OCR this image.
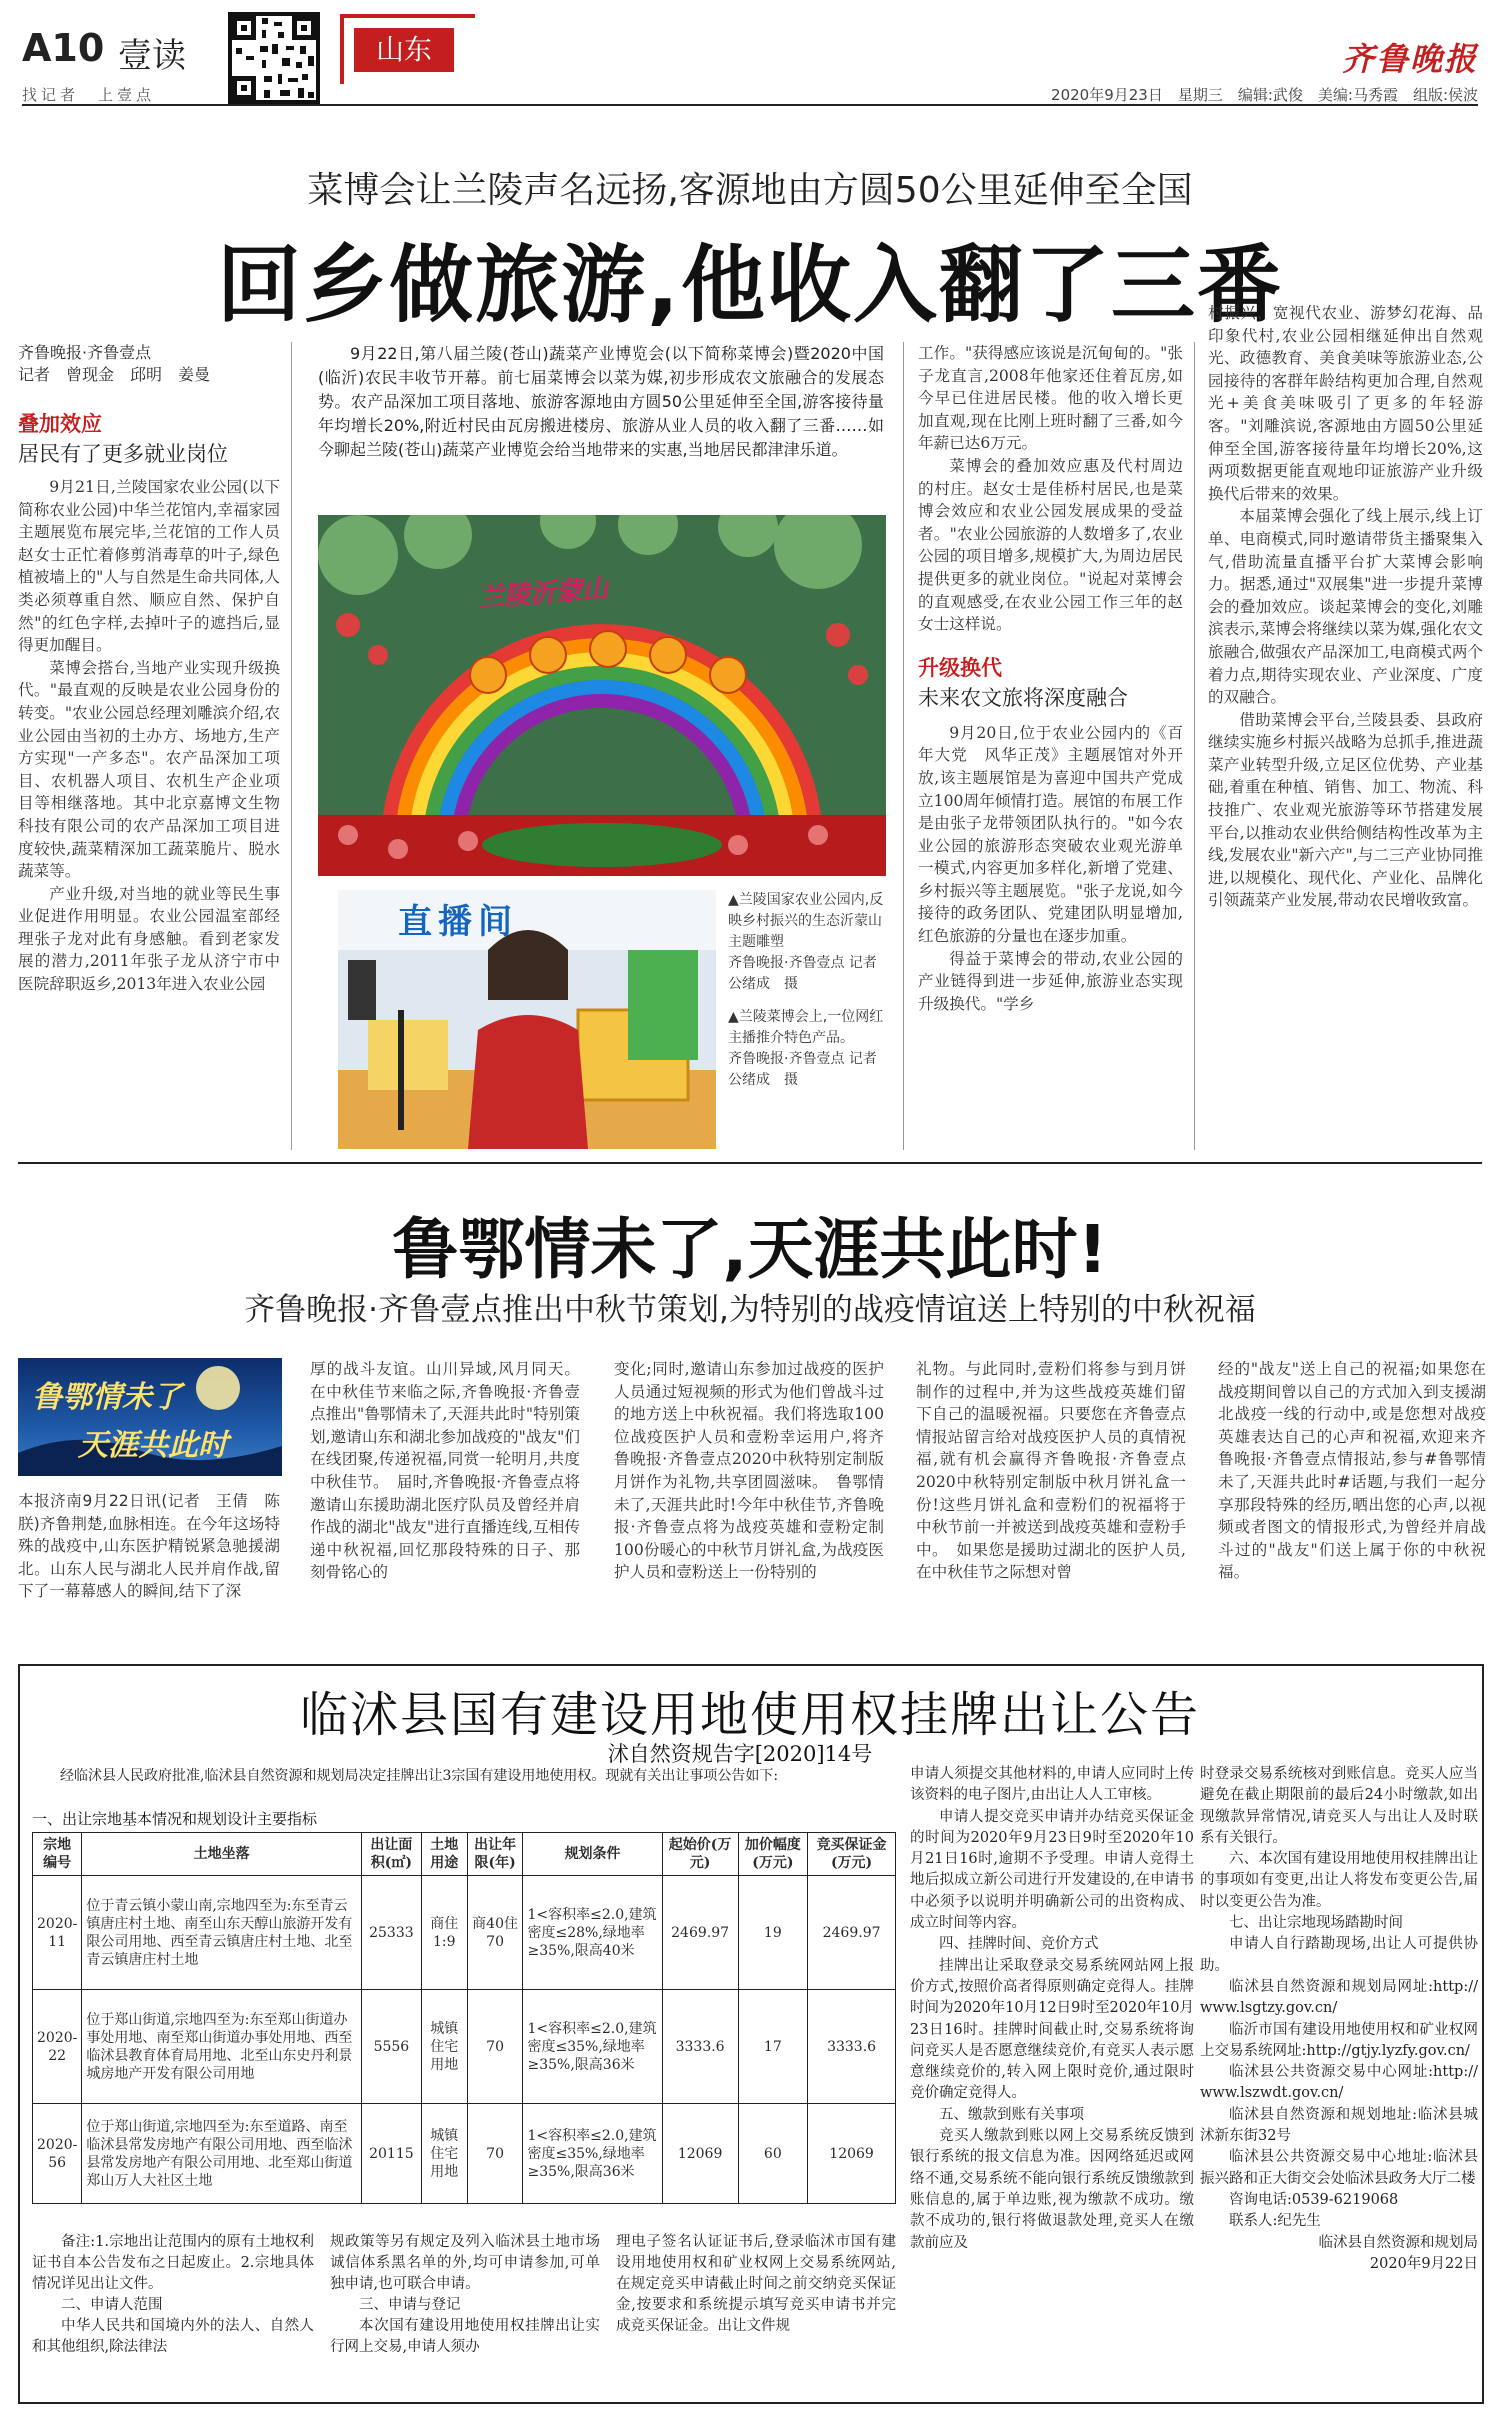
A10 壹读
找记者　上壹点
山东	齐鲁晚报
2020年9月23日　星期三　编辑:武俊　美编:马秀霞　组版:侯波
菜博会让兰陵声名远扬,客源地由方圆50公里延伸至全国
回乡做旅游,他收入翻了三番
齐鲁晚报·齐鲁壹点
记者　曾现金　邱明　姜曼
叠加效应
居民有了更多就业岗位

9月21日,兰陵国家农业公园(以下简称农业公园)中华兰花馆内,幸福家园主题展览布展完毕,兰花馆的工作人员赵女士正忙着修剪消毒草的叶子,绿色植被墙上的"人与自然是生命共同体,人类必须尊重自然、顺应自然、保护自然"的红色字样,去掉叶子的遮挡后,显得更加醒目。

菜博会搭台,当地产业实现升级换代。"最直观的反映是农业公园身份的转变。"农业公园总经理刘雕滨介绍,农业公园由当初的土办方、场地方,生产方实现"一产多态"。农产品深加工项目、农机器人项目、农机生产企业项目等相继落地。其中北京嘉博文生物科技有限公司的农产品深加工项目进度较快,蔬菜精深加工蔬菜脆片、脱水蔬菜等。

产业升级,对当地的就业等民生事业促进作用明显。农业公园温室部经理张子龙对此有身感触。看到老家发展的潜力,2011年张子龙从济宁市中医院辞职返乡,2013年进入农业公园

9月22日,第八届兰陵(苍山)蔬菜产业博览会(以下简称菜博会)暨2020中国(临沂)农民丰收节开幕。前七届菜博会以菜为媒,初步形成农文旅融合的发展态势。农产品深加工项目落地、旅游客源地由方圆50公里延伸至全国,游客接待量年均增长20%,附近村民由瓦房搬进楼房、旅游从业人员的收入翻了三番……如今聊起兰陵(苍山)蔬菜产业博览会给当地带来的实惠,当地居民都津津乐道。
兰陵沂蒙山
直播间
▲兰陵国家农业公园内,反映乡村振兴的生态沂蒙山主题雕塑
齐鲁晚报·齐鲁壹点 记者　公绪成　摄
▲兰陵菜博会上,一位网红主播推介特色产品。
齐鲁晚报·齐鲁壹点 记者　公绪成　摄

工作。"获得感应该说是沉甸甸的。"张子龙直言,2008年他家还住着瓦房,如今早已住进居民楼。他的收入增长更加直观,现在比刚上班时翻了三番,如今年薪已达6万元。

菜博会的叠加效应惠及代村周边的村庄。赵女士是佳桥村居民,也是菜博会效应和农业公园发展成果的受益者。"农业公园旅游的人数增多了,农业公园的项目增多,规模扩大,为周边居民提供更多的就业岗位。"说起对菜博会的直观感受,在农业公园工作三年的赵女士这样说。

升级换代
未来农文旅将深度融合

9月20日,位于农业公园内的《百年大党　风华正茂》主题展馆对外开放,该主题展馆是为喜迎中国共产党成立100周年倾情打造。展馆的布展工作是由张子龙带领团队执行的。"如今农业公园的旅游形态突破农业观光游单一模式,内容更加多样化,新增了党建、乡村振兴等主题展览。"张子龙说,如今接待的政务团队、党建团队明显增加,红色旅游的分量也在逐步加重。

得益于菜博会的带动,农业公园的产业链得到进一步延伸,旅游业态实现升级换代。"学乡

村振兴、宽视代农业、游梦幻花海、品印象代村,农业公园相继延伸出自然观光、政德教育、美食美味等旅游业态,公园接待的客群年龄结构更加合理,自然观光+美食美味吸引了更多的年轻游客。"刘雕滨说,客源地由方圆50公里延伸至全国,游客接待量年均增长20%,这两项数据更能直观地印证旅游产业升级换代后带来的效果。

本届菜博会强化了线上展示,线上订单、电商模式,同时邀请带货主播聚集入气,借助流量直播平台扩大菜博会影响力。据悉,通过"双展集"进一步提升菜博会的叠加效应。谈起菜博会的变化,刘雕滨表示,菜博会将继续以菜为媒,强化农文旅融合,做强农产品深加工,电商模式两个着力点,期待实现农业、产业深度、广度的双融合。

借助菜博会平台,兰陵县委、县政府继续实施乡村振兴战略为总抓手,推进蔬菜产业转型升级,立足区位优势、产业基础,着重在种植、销售、加工、物流、科技推广、农业观光旅游等环节搭建发展平台,以推动农业供给侧结构性改革为主线,发展农业"新六产",与二三产业协同推进,以规模化、现代化、产业化、品牌化引领蔬菜产业发展,带动农民增收致富。

鲁鄂情未了,天涯共此时!
齐鲁晚报·齐鲁壹点推出中秋节策划,为特别的战疫情谊送上特别的中秋祝福
鲁鄂情未了
天涯共此时
本报济南9月22日讯(记者　王倩　陈朕)齐鲁荆楚,血脉相连。在今年这场特殊的战疫中,山东医护精锐紧急驰援湖北。山东人民与湖北人民并肩作战,留下了一幕幕感人的瞬间,结下了深
厚的战斗友谊。山川异域,风月同天。在中秋佳节来临之际,齐鲁晚报·齐鲁壹点推出"鲁鄂情未了,天涯共此时"特别策划,邀请山东和湖北参加战疫的"战友"们在线团聚,传递祝福,同赏一轮明月,共度中秋佳节。　届时,齐鲁晚报·齐鲁壹点将邀请山东援助湖北医疗队员及曾经并肩作战的湖北"战友"进行直播连线,互相传递中秋祝福,回忆那段特殊的日子、那刻骨铭心的
变化;同时,邀请山东参加过战疫的医护人员通过短视频的形式为他们曾战斗过的地方送上中秋祝福。我们将选取100位战疫医护人员和壹粉幸运用户,将齐鲁晚报·齐鲁壹点2020中秋特别定制版月饼作为礼物,共享团圆滋味。　鲁鄂情未了,天涯共此时!今年中秋佳节,齐鲁晚报·齐鲁壹点将为战疫英雄和壹粉定制100份暖心的中秋节月饼礼盒,为战疫医护人员和壹粉送上一份特别的
礼物。与此同时,壹粉们将参与到月饼制作的过程中,并为这些战疫英雄们留下自己的温暖祝福。只要您在齐鲁壹点情报站留言给对战疫医护人员的真情祝福,就有机会赢得齐鲁晚报·齐鲁壹点2020中秋特别定制版中秋月饼礼盒一份!这些月饼礼盒和壹粉们的祝福将于中秋节前一并被送到战疫英雄和壹粉手中。　如果您是援助过湖北的医护人员,在中秋佳节之际想对曾
经的"战友"送上自己的祝福;如果您在战疫期间曾以自己的方式加入到支援湖北战疫一线的行动中,或是您想对战疫英雄表达自己的心声和祝福,欢迎来齐鲁晚报·齐鲁壹点情报站,参与#鲁鄂情未了,天涯共此时#话题,与我们一起分享那段特殊的经历,晒出您的心声,以视频或者图文的情报形式,为曾经并肩战斗过的"战友"们送上属于你的中秋祝福。
临沭县国有建设用地使用权挂牌出让公告
沭自然资规告字[2020]14号
经临沭县人民政府批准,临沭县自然资源和规划局决定挂牌出让3宗国有建设用地使用权。现就有关出让事项公告如下:
一、出让宗地基本情况和规划设计主要指标
宗地编号	土地坐落	出让面积(㎡)	土地用途	出让年限(年)	规划条件	起始价(万元)	加价幅度(万元)	竞买保证金(万元)
2020-11	位于青云镇小蒙山南,宗地四至为:东至青云镇唐庄村土地、南至山东天醇山旅游开发有限公司用地、西至青云镇唐庄村土地、北至青云镇唐庄村土地	25333	商住1:9	商40住70	1<容积率≤2.0,建筑密度≤28%,绿地率≥35%,限高40米	2469.97	19	2469.97
2020-22	位于郑山街道,宗地四至为:东至郑山街道办事处用地、南至郑山街道办事处用地、西至临沭县教育体育局用地、北至山东史丹利景城房地产开发有限公司用地	5556	城镇住宅用地	70	1<容积率≤2.0,建筑密度≤35%,绿地率≥35%,限高36米	3333.6	17	3333.6
2020-56	位于郑山街道,宗地四至为:东至道路、南至临沭县常发房地产有限公司用地、西至临沭县常发房地产有限公司用地、北至郑山街道郑山万人大社区土地	20115	城镇住宅用地	70	1<容积率≤2.0,建筑密度≤35%,绿地率≥35%,限高36米	12069	60	12069
备注:1.宗地出让范围内的原有土地权利证书自本公告发布之日起废止。2.宗地具体情况详见出让文件。
二、申请人范围
中华人民共和国境内外的法人、自然人和其他组织,除法律法
规政策等另有规定及列入临沭县土地市场诚信体系黑名单的外,均可申请参加,可单独申请,也可联合申请。
三、申请与登记
本次国有建设用地使用权挂牌出让实行网上交易,申请人须办
理电子签名认证证书后,登录临沭市国有建设用地使用权和矿业权网上交易系统网站,在规定竞买申请截止时间之前交纳竞买保证金,按要求和系统提示填写竞买申请书并完成竞买保证金。出让文件规
申请人须提交其他材料的,申请人应同时上传该资料的电子图片,由出让人人工审核。
申请人提交竞买申请并办结竞买保证金的时间为2020年9月23日9时至2020年10月21日16时,逾期不予受理。申请人竞得土地后拟成立新公司进行开发建设的,在申请书中必须予以说明并明确新公司的出资构成、成立时间等内容。
四、挂牌时间、竞价方式
挂牌出让采取登录交易系统网站网上报价方式,按照价高者得原则确定竞得人。挂牌时间为2020年10月12日9时至2020年10月23日16时。挂牌时间截止时,交易系统将询问竞买人是否愿意继续竞价,有竞买人表示愿意继续竞价的,转入网上限时竞价,通过限时竞价确定竞得人。
五、缴款到账有关事项
竞买人缴款到账以网上交易系统反馈到银行系统的报文信息为准。因网络延迟或网络不通,交易系统不能向银行系统反馈缴款到账信息的,属于单边账,视为缴款不成功。缴款不成功的,银行将做退款处理,竞买人在缴款前应及
时登录交易系统核对到账信息。竞买人应当避免在截止期限前的最后24小时缴款,如出现缴款异常情况,请竞买人与出让人及时联系有关银行。
六、本次国有建设用地使用权挂牌出让的事项如有变更,出让人将发布变更公告,届时以变更公告为准。
七、出让宗地现场踏勘时间
申请人自行踏勘现场,出让人可提供协助。
临沭县自然资源和规划局网址:http://www.lsgtzy.gov.cn/
临沂市国有建设用地使用权和矿业权网上交易系统网址:http://gtjy.lyzfy.gov.cn/
临沭县公共资源交易中心网址:http://www.lszwdt.gov.cn/
临沭县自然资源和规划地址:临沭县城沭新东街32号
临沭县公共资源交易中心地址:临沭县振兴路和正大街交会处临沭县政务大厅二楼
咨询电话:0539-6219068
联系人:纪先生
临沭县自然资源和规划局
2020年9月22日
